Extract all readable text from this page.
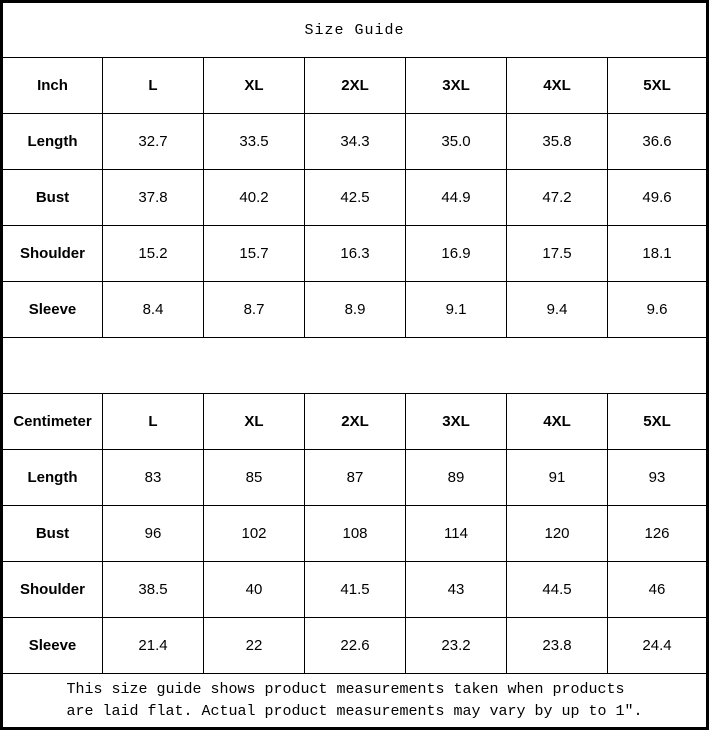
Size Guide						
Inch	L	XL	2XL	3XL	4XL	5XL
Length	32.7	33.5	34.3	35.0	35.8	36.6
Bust	37.8	40.2	42.5	44.9	47.2	49.6
Shoulder	15.2	15.7	16.3	16.9	17.5	18.1
Sleeve	8.4	8.7	8.9	9.1	9.4	9.6

Centimeter	L	XL	2XL	3XL	4XL	5XL
Length	83	85	87	89	91	93
Bust	96	102	108	114	120	126
Shoulder	38.5	40	41.5	43	44.5	46
Sleeve	21.4	22	22.6	23.2	23.8	24.4
This size guide shows product measurements taken when products
are laid flat. Actual product measurements may vary by up to 1″.						
